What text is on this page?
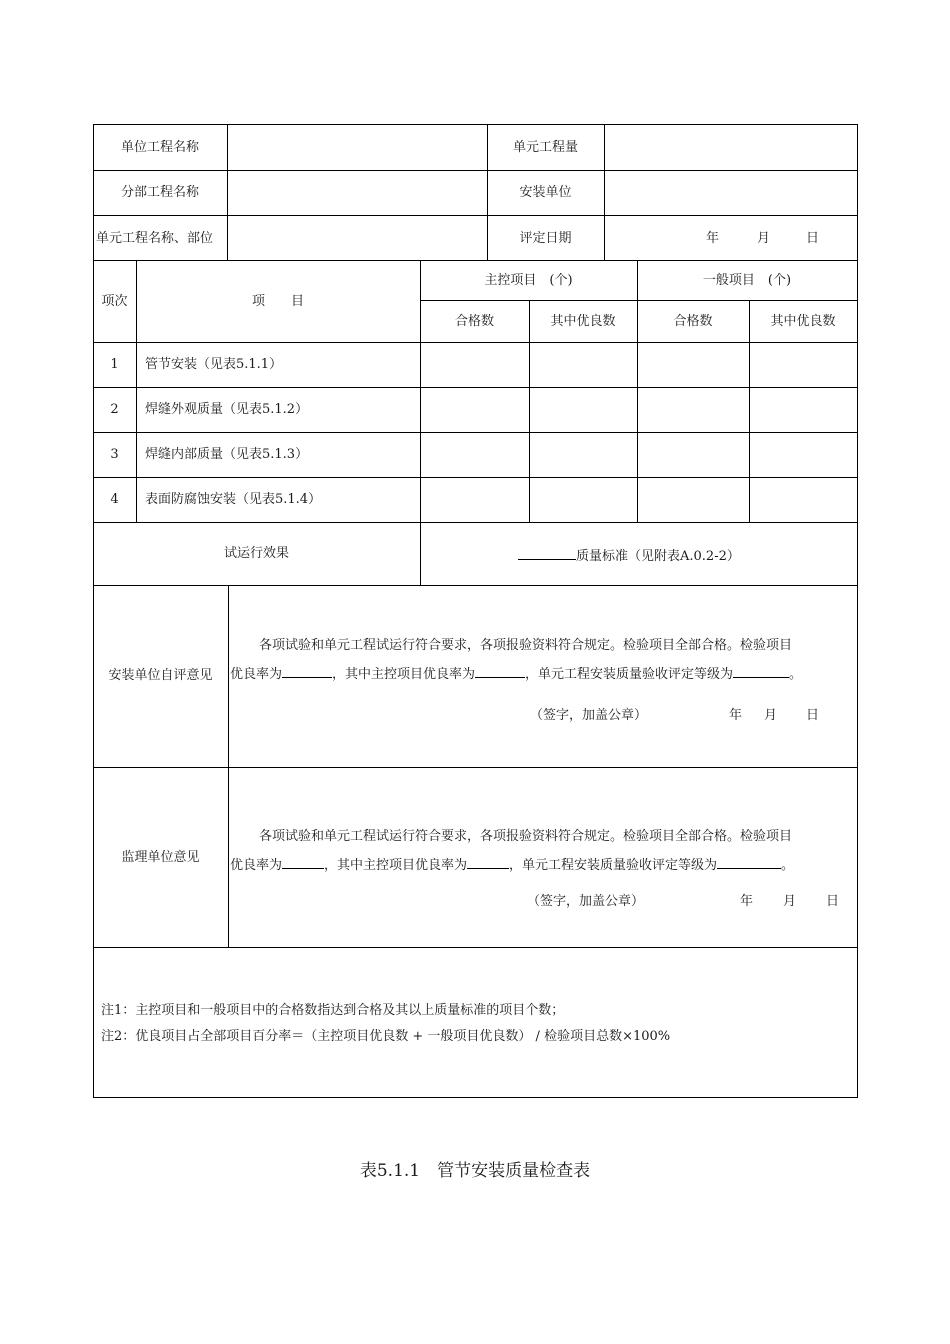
单位工程名称	单元工程量
分部工程名称	安装单位
单元工程名称、部位	评定日期	年	月	日
项次	项　　目
主控项目　(个)	一般项目　(个)
合格数	其中优良数	合格数	其中优良数
1	管节安装（见表5.1.1）
2	焊缝外观质量（见表5.1.2）
3	焊缝内部质量（见表5.1.3）
4	表面防腐蚀安装（见表5.1.4）
试运行效果	质量标准（见附表A.0.2-2）
安装单位自评意见
各项试验和单元工程试运行符合要求，各项报验资料符合规定。检验项目全部合格。检验项目
优良率为	，其中主控项目优良率为	，单元工程安装质量验收评定等级为	。
（签字，加盖公章）	年 月 日
监理单位意见
各项试验和单元工程试运行符合要求，各项报验资料符合规定。检验项目全部合格。检验项目
优良率为	，其中主控项目优良率为	，单元工程安装质量验收评定等级为	。
（签字，加盖公章）	年 月 日
注1：主控项目和一般项目中的合格数指达到合格及其以上质量标准的项目个数；
注2：优良项目占全部项目百分率＝（主控项目优良数 + 一般项目优良数） / 检验项目总数×100%
表5.1.1　管节安装质量检查表
